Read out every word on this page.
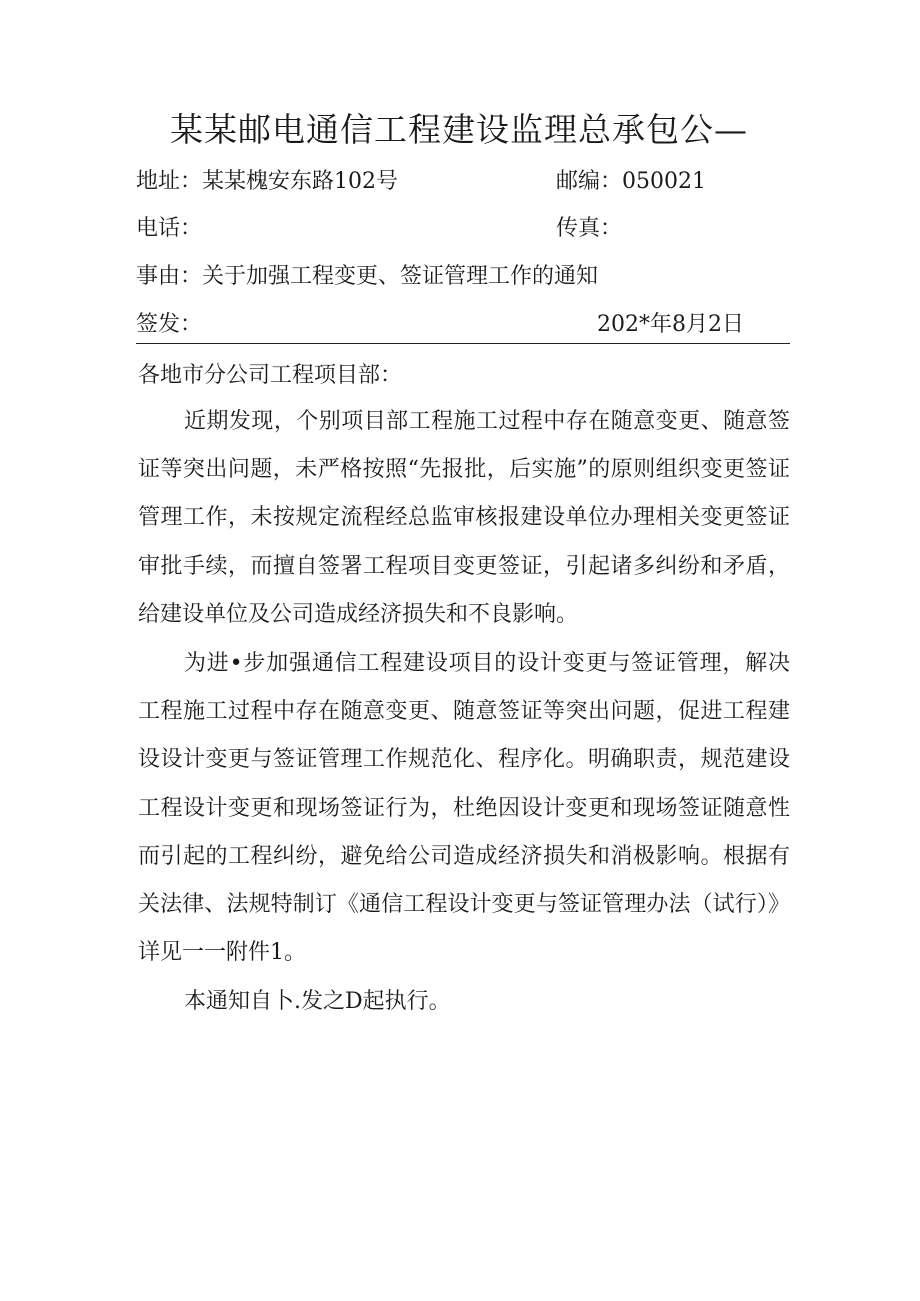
某某邮电通信工程建设监理总承包公—
地址：某某槐安东路102号	邮编：050021
电话：	传真：
事由：关于加强工程变更、签证管理工作的通知
签发：	202*年8月2日
各地市分公司工程项目部：
近期发现，个别项目部工程施工过程中存在随意变更、随意签证等突出问题，未严格按照“先报批，后实施”的原则组织变更签证管理工作，未按规定流程经总监审核报建设单位办理相关变更签证审批手续，而擅自签署工程项目变更签证，引起诸多纠纷和矛盾，给建设单位及公司造成经济损失和不良影响。
为进•步加强通信工程建设项目的设计变更与签证管理，解决工程施工过程中存在随意变更、随意签证等突出问题，促进工程建设设计变更与签证管理工作规范化、程序化。明确职责，规范建设工程设计变更和现场签证行为，杜绝因设计变更和现场签证随意性而引起的工程纠纷，避免给公司造成经济损失和消极影响。根据有关法律、法规特制订《通信工程设计变更与签证管理办法（试行）》详见一一附件1。
本通知自卜.发之D起执行。
